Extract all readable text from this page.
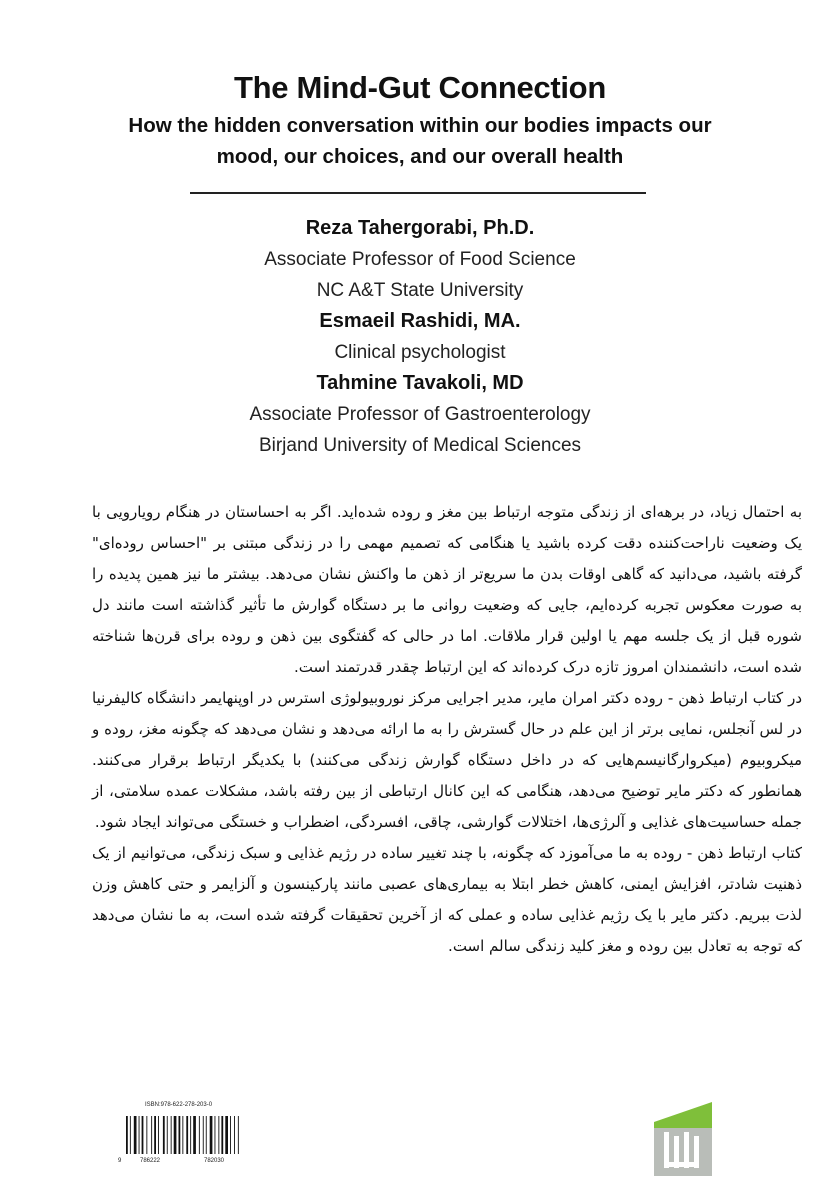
The Mind-Gut Connection
How the hidden conversation within our bodies impacts our mood, our choices, and our overall health
Reza Tahergorabi, Ph.D.
Associate Professor of Food Science
NC A&T State University
Esmaeil Rashidi, MA.
Clinical psychologist
Tahmine Tavakoli, MD
Associate Professor of Gastroenterology
Birjand University of Medical Sciences

به احتمال زیاد، در برهه‌ای از زندگی متوجه ارتباط بین مغز و روده شده‌اید. اگر به احساستان در هنگام رویارویی با یک وضعیت ناراحت‌کننده دقت کرده باشید یا هنگامی که تصمیم مهمی را در زندگی مبتنی بر "احساس روده‌ای" گرفته باشید، می‌دانید که گاهی اوقات بدن ما سریع‌تر از ذهن ما واکنش نشان می‌دهد. بیشتر ما نیز همین پدیده را به صورت معکوس تجربه کرده‌ایم، جایی که وضعیت روانی ما بر دستگاه گوارش ما تأثیر گذاشته است مانند دل شوره قبل از یک جلسه مهم یا اولین قرار ملاقات. اما در حالی که گفتگوی بین ذهن و روده برای قرن‌ها شناخته شده است، دانشمندان امروز تازه درک کرده‌اند که این ارتباط چقدر قدرتمند است.

در کتاب ارتباط ذهن - روده دکتر امران مایر، مدیر اجرایی مرکز نوروبیولوژی استرس در اوپنهایمر دانشگاه کالیفرنیا در لس آنجلس، نمایی برتر از این علم در حال گسترش را به ما ارائه می‌دهد و نشان می‌دهد که چگونه مغز، روده و میکروبیوم (میکروارگانیسم‌هایی که در داخل دستگاه گوارش زندگی می‌کنند) با یکدیگر ارتباط برقرار می‌کنند. همانطور که دکتر مایر توضیح می‌دهد، هنگامی که این کانال ارتباطی از بین رفته باشد، مشکلات عمده سلامتی، از جمله حساسیت‌های غذایی و آلرژی‌ها، اختلالات گوارشی، چاقی، افسردگی، اضطراب و خستگی می‌تواند ایجاد شود.

کتاب ارتباط ذهن - روده به ما می‌آموزد که چگونه، با چند تغییر ساده در رژیم غذایی و سبک زندگی، می‌توانیم از یک ذهنیت شادتر، افزایش ایمنی، کاهش خطر ابتلا به بیماری‌های عصبی مانند پارکینسون و آلزایمر و حتی کاهش وزن لذت ببریم. دکتر مایر با یک رژیم غذایی ساده و عملی که از آخرین تحقیقات گرفته شده است، به ما نشان می‌دهد که توجه به تعادل بین روده و مغز کلید زندگی سالم است.

ISBN:978-622-278-203-0
9	786222	782030
